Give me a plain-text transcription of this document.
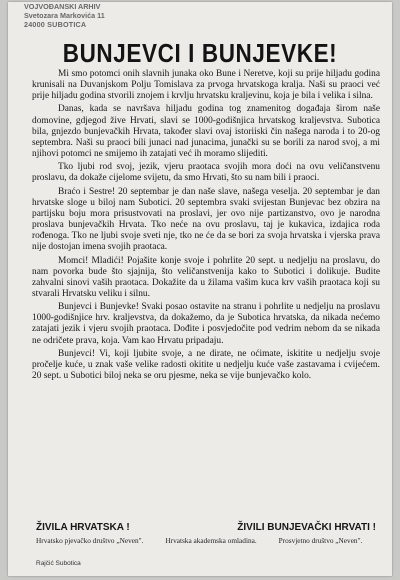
VOJVOĐANSKI ARHIV
Svetozara Markovića 11
24000 SUBOTICA
BUNJEVCI I BUNJEVKE!

Mi smo potomci onih slavnih junaka oko Bune i Neretve, koji su prije hiljadu godina krunisali na Duvanjskom Polju Tomislava za prvoga hrvatskoga kralja. Naši su praoci već prije hiljadu godina stvorili znojem i krvlju hrvatsku kraljevinu, koja je bila i velika i silna.

Danas, kada se navršava hiljadu godina tog znamenitog događaja širom naše domovine, gdjegod žive Hrvati, slavi se 1000-godišnjica hrvatskog kraljevstva. Subotica bila, gnjezdo bunjevačkih Hrvata, također slavi ovaj istoriiski čin našega naroda i to 20-og septembra. Naši su praoci bili junaci nad junacima, junački su se borili za narod svoj, a mi njihovi potomci ne smijemo ih zatajati već ih moramo slijediti.

Tko ljubi rod svoj, jezik, vjeru praotaca svojih mora doći na ovu veličanstvenu proslavu, da dokaže cijelome svijetu, da smo Hrvati, što su nam bili i praoci.

Braćo i Sestre! 20 septembar je dan naše slave, našega veselja. 20 septembar je dan hrvatske sloge u biloj nam Subotici. 20 septembra svaki svijestan Bunjevac bez obzira na partijsku boju mora prisustvovati na proslavi, jer ovo nije partizanstvo, ovo je narodna proslava bunjevačkih Hrvata. Tko neće na ovu proslavu, taj je kukavica, izdajica roda rođenoga. Tko ne ljubi svoje sveti nje, tko ne će da se bori za svoja hrvatska i vjerska prava nije dostojan imena svojih praotaca.

Momci! Mladići! Pojašite konje svoje i pohrlite 20 sept. u nedjelju na proslavu, do nam povorka bude što sjajnija, što veličanstvenija kako to Subotici i dolikuje. Budite zahvalni sinovi vaših praotaca. Dokažite da u žilama vašim kuca krv vaših praotaca koji su stvarali Hrvatsku veliku i silnu.

Bunjevci i Bunjevke! Svaki posao ostavite na stranu i pohrlite u nedjelju na proslavu 1000-godišnjice hrv. kraljevstva, da dokažemo, da je Subotica hrvatska, da nikada nećemo zatajati jezik i vjeru svojih praotaca. Dođite i posvjedočite pod vedrim nebom da se nikada ne odričete prava, koja. Vam kao Hrvatu pripadaju.

Bunjevci! Vi, koji ljubite svoje, a ne dirate, ne oćimate, iskitite u nedjelju svoje pročelje kuće, u znak vaše velike radosti okitite u nedjelju kuće vaše zastavama i cvijećem. 20 sept. u Subotici biloj neka se oru pjesme, neka se vije bunjevačko kolo.

ŽIVILA HRVATSKA !	ŽIVILI BUNJEVAČKI HRVATI !
Hrvatsko pjevačko društvo „Neven".	Hrvatska akademska omladina.	Prosvjetno društvo „Neven".
Rajčić Subotica
